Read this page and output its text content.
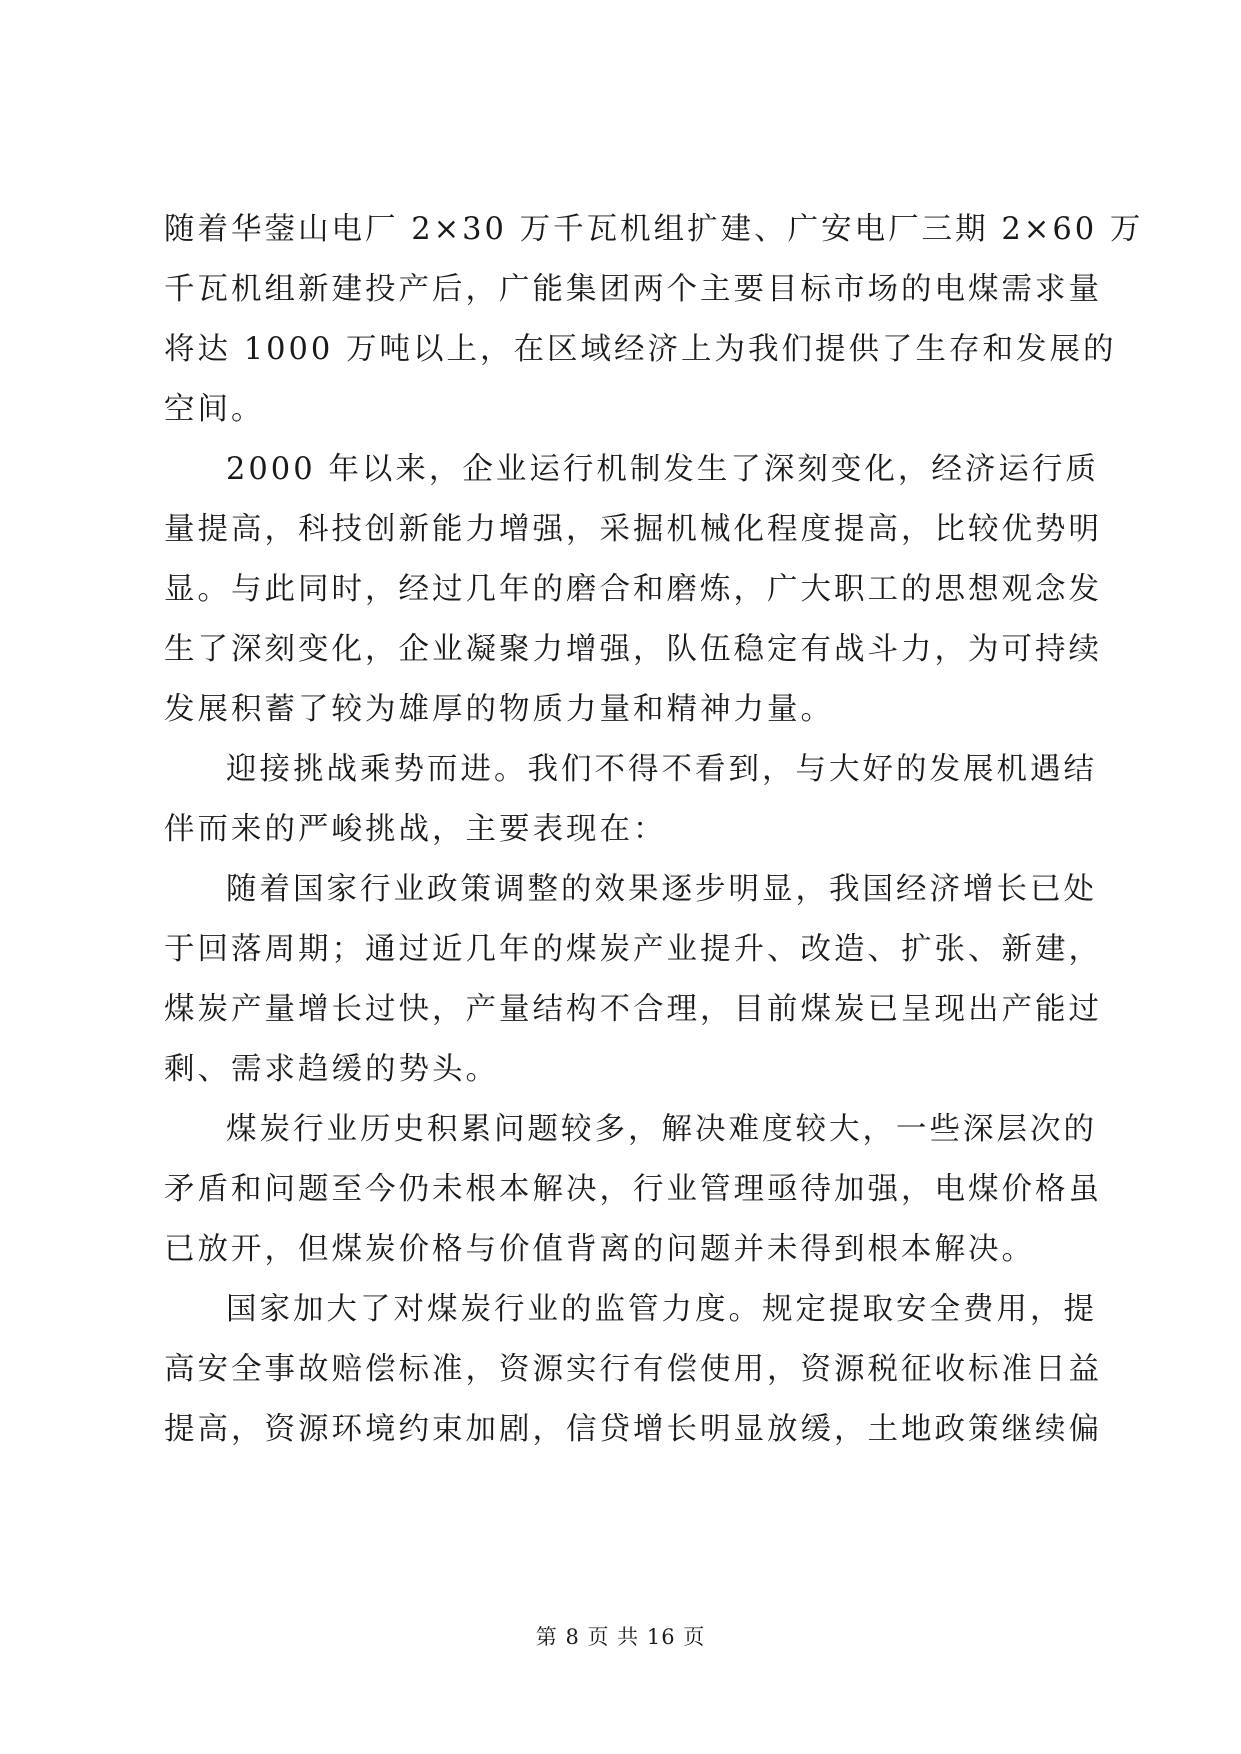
随着华蓥山电厂 2×30 万千瓦机组扩建、广安电厂三期 2×60 万
千瓦机组新建投产后，广能集团两个主要目标市场的电煤需求量
将达 1000 万吨以上，在区域经济上为我们提供了生存和发展的
空间。
2000 年以来，企业运行机制发生了深刻变化，经济运行质
量提高，科技创新能力增强，采掘机械化程度提高，比较优势明
显。与此同时，经过几年的磨合和磨炼，广大职工的思想观念发
生了深刻变化，企业凝聚力增强，队伍稳定有战斗力，为可持续
发展积蓄了较为雄厚的物质力量和精神力量。
迎接挑战乘势而进。我们不得不看到，与大好的发展机遇结
伴而来的严峻挑战，主要表现在：
随着国家行业政策调整的效果逐步明显，我国经济增长已处
于回落周期；通过近几年的煤炭产业提升、改造、扩张、新建，
煤炭产量增长过快，产量结构不合理，目前煤炭已呈现出产能过
剩、需求趋缓的势头。
煤炭行业历史积累问题较多，解决难度较大，一些深层次的
矛盾和问题至今仍未根本解决，行业管理亟待加强，电煤价格虽
已放开，但煤炭价格与价值背离的问题并未得到根本解决。
国家加大了对煤炭行业的监管力度。规定提取安全费用，提
高安全事故赔偿标准，资源实行有偿使用，资源税征收标准日益
提高，资源环境约束加剧，信贷增长明显放缓，土地政策继续偏
第 8 页 共 16 页
